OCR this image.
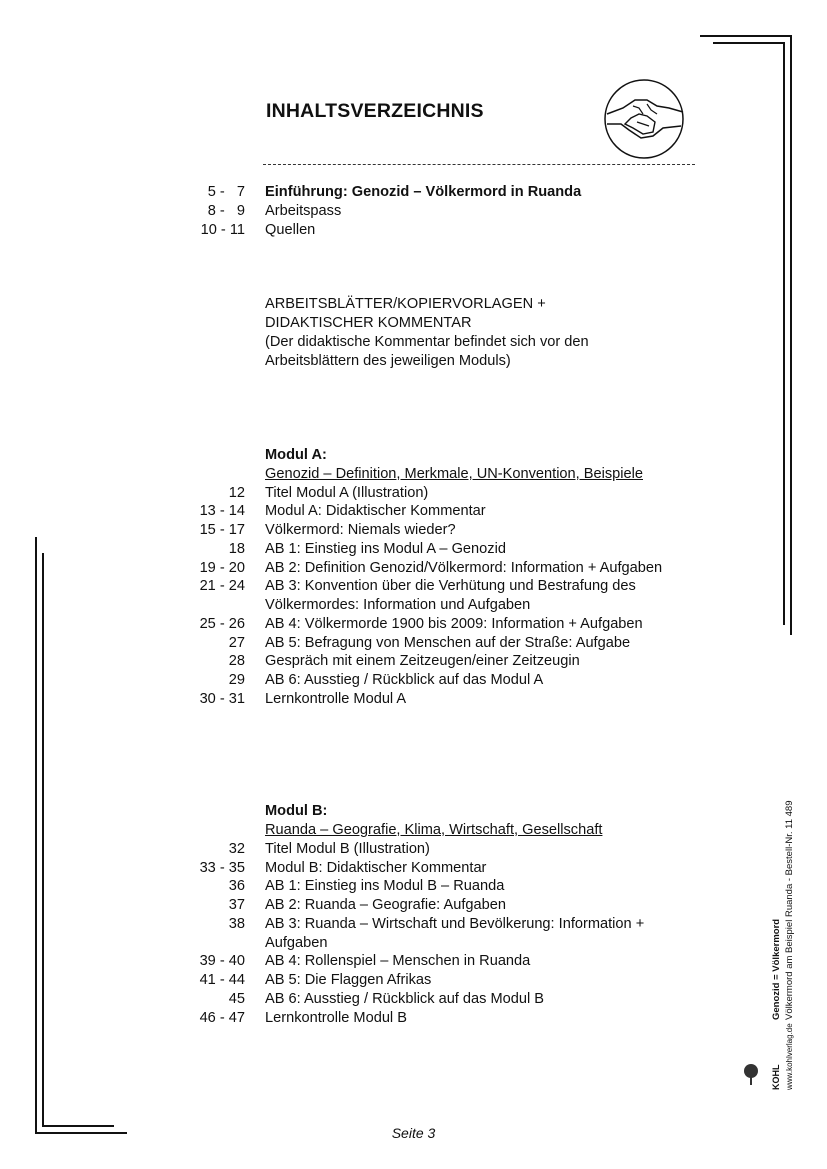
INHALTSVERZEICHNIS
5 -   7 Einführung: Genozid – Völkermord in Ruanda
8 -   9 Arbeitspass
10 - 11 Quellen
ARBEITSBLÄTTER/KOPIERVORLAGEN +
DIDAKTISCHER KOMMENTAR
(Der didaktische Kommentar befindet sich vor den
Arbeitsblättern des jeweiligen Moduls)
Modul A:
Genozid – Definition, Merkmale, UN-Konvention, Beispiele
12 Titel Modul A (Illustration)
13 - 14 Modul A: Didaktischer Kommentar
15 - 17 Völkermord: Niemals wieder?
18 AB 1: Einstieg ins Modul A – Genozid
19 - 20 AB 2: Definition Genozid/Völkermord: Information + Aufgaben
21 - 24 AB 3: Konvention über die Verhütung und Bestrafung des
Völkermordes: Information und Aufgaben
25 - 26 AB 4: Völkermorde 1900 bis 2009: Information + Aufgaben
27 AB 5: Befragung von Menschen auf der Straße: Aufgabe
28 Gespräch mit einem Zeitzeugen/einer Zeitzeugin
29 AB 6: Ausstieg / Rückblick auf das Modul A
30 - 31 Lernkontrolle Modul A
Modul B:
Ruanda – Geografie, Klima, Wirtschaft, Gesellschaft
32 Titel Modul B (Illustration)
33 - 35 Modul B: Didaktischer Kommentar
36 AB 1: Einstieg ins Modul B – Ruanda
37 AB 2: Ruanda – Geografie: Aufgaben
38 AB 3: Ruanda – Wirtschaft und Bevölkerung: Information +
Aufgaben
39 - 40 AB 4: Rollenspiel – Menschen in Ruanda
41 - 44 AB 5: Die Flaggen Afrikas
45 AB 6: Ausstieg / Rückblick auf das Modul B
46 - 47 Lernkontrolle Modul B
www.kohlverlag.de
KOHL
Genozid = Völkermord Völkermord am Beispiel Ruanda - Bestell-Nr. 11 489
Seite 3
